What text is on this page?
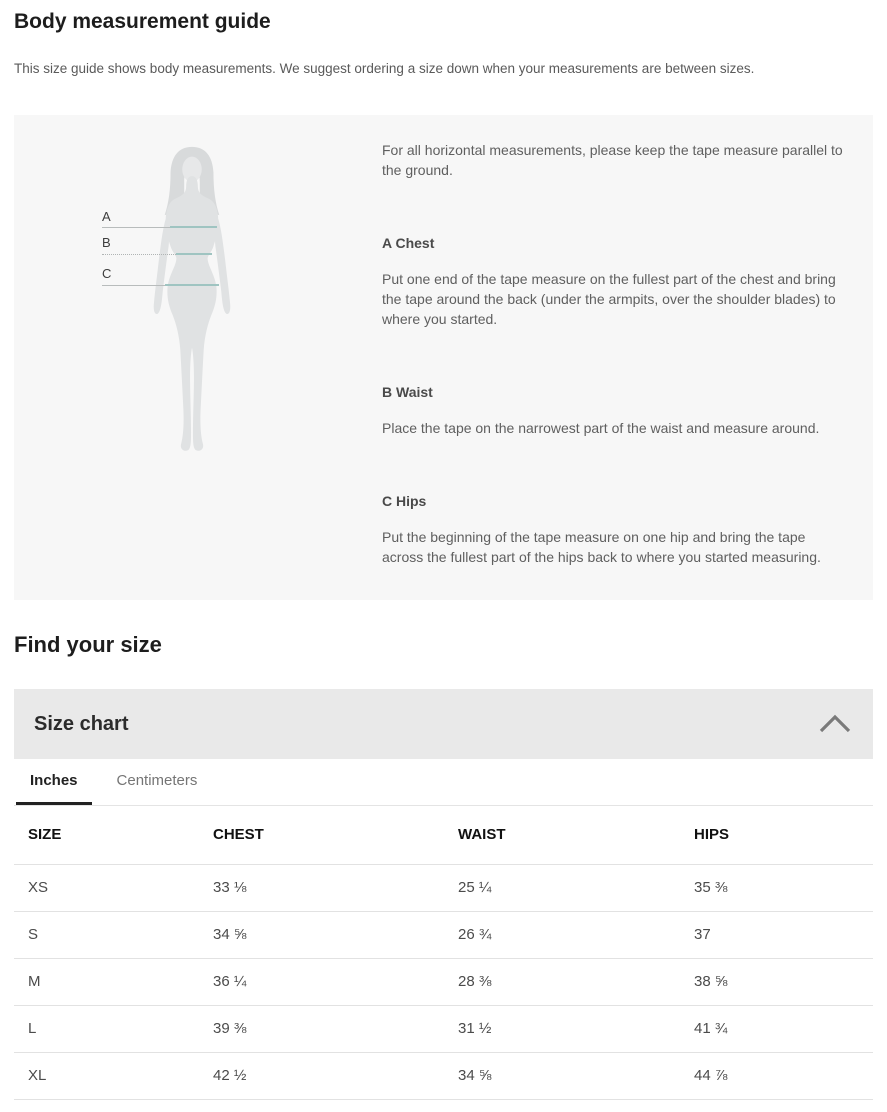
Body measurement guide

This size guide shows body measurements. We suggest ordering a size down when your measurements are between sizes.

A
B
C

For all horizontal measurements, please keep the tape measure parallel to the ground.

A Chest

Put one end of the tape measure on the fullest part of the chest and bring the tape around the back (under the armpits, over the shoulder blades) to where you started.

B Waist

Place the tape on the narrowest part of the waist and measure around.

C Hips

Put the beginning of the tape measure on one hip and bring the tape across the fullest part of the hips back to where you started measuring.

Find your size
Size chart
Inches	Centimeters
SIZE	CHEST	WAIST	HIPS
XS	33 ⅛	25 ¼	35 ⅜
S	34 ⅝	26 ¾	37
M	36 ¼	28 ⅜	38 ⅝
L	39 ⅜	31 ½	41 ¾
XL	42 ½	34 ⅝	44 ⅞
